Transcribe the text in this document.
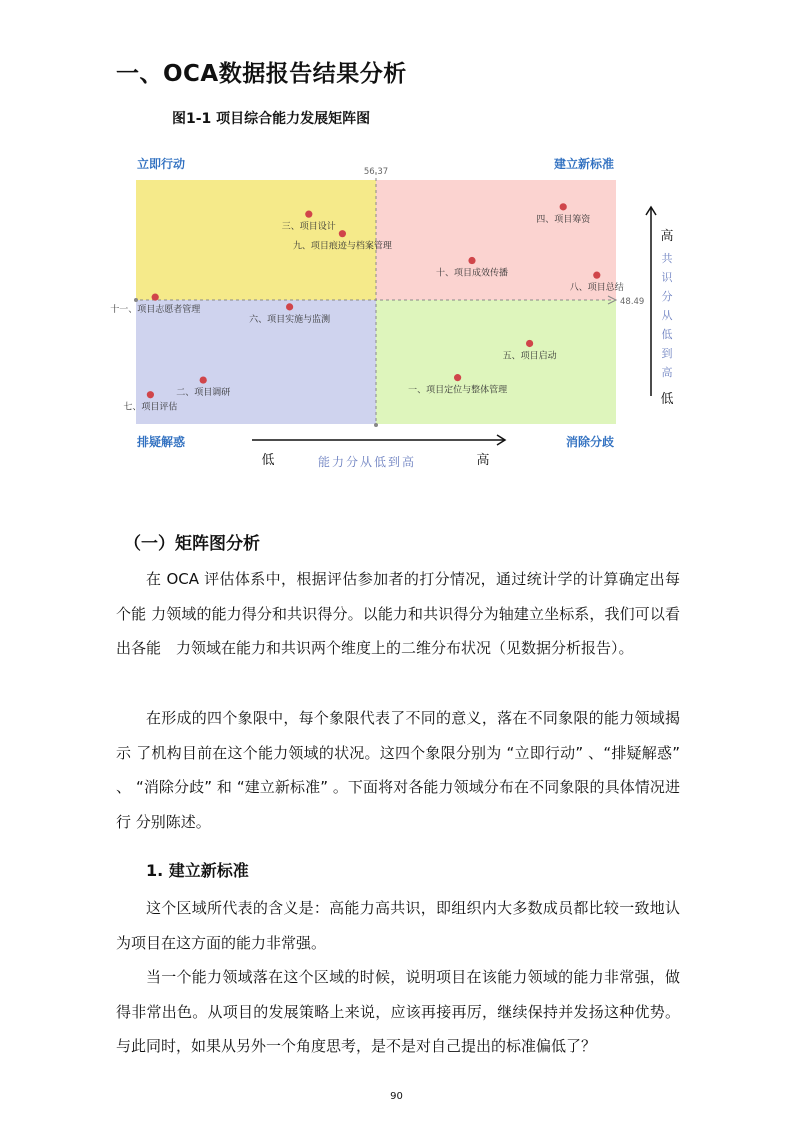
一、OCA数据报告结果分析
图1-1 项目综合能力发展矩阵图
56.37
48.49
立即行动	建立新标准
排疑解惑	消除分歧
低	能力分从低到高	高
高
低
共
识
分
从
低
到
高
一、项目定位与整体管理
二、项目调研
三、项目设计
四、项目筹资
五、项目启动
六、项目实施与监测
七、项目评估
八、项目总结
九、项目痕迹与档案管理
十、项目成效传播
十一、项目志愿者管理
（一）矩阵图分析

在 OCA 评估体系中，根据评估参加者的打分情况，通过统计学的计算确定出每个能 力领域的能力得分和共识得分。以能力和共识得分为轴建立坐标系，我们可以看出各能　力领域在能力和共识两个维度上的二维分布状况（见数据分析报告）。

在形成的四个象限中，每个象限代表了不同的意义，落在不同象限的能力领域揭示 了机构目前在这个能力领域的状况。这四个象限分别为 “立即行动” 、“排疑解惑” 、 “消除分歧” 和 “建立新标准” 。下面将对各能力领域分布在不同象限的具体情况进行 分别陈述。

1. 建立新标准

这个区域所代表的含义是：高能力高共识，即组织内大多数成员都比较一致地认为项目在这方面的能力非常强。

当一个能力领域落在这个区域的时候，说明项目在该能力领域的能力非常强，做得非常出色。从项目的发展策略上来说，应该再接再厉，继续保持并发扬这种优势。与此同时，如果从另外一个角度思考，是不是对自己提出的标准偏低了？

90
